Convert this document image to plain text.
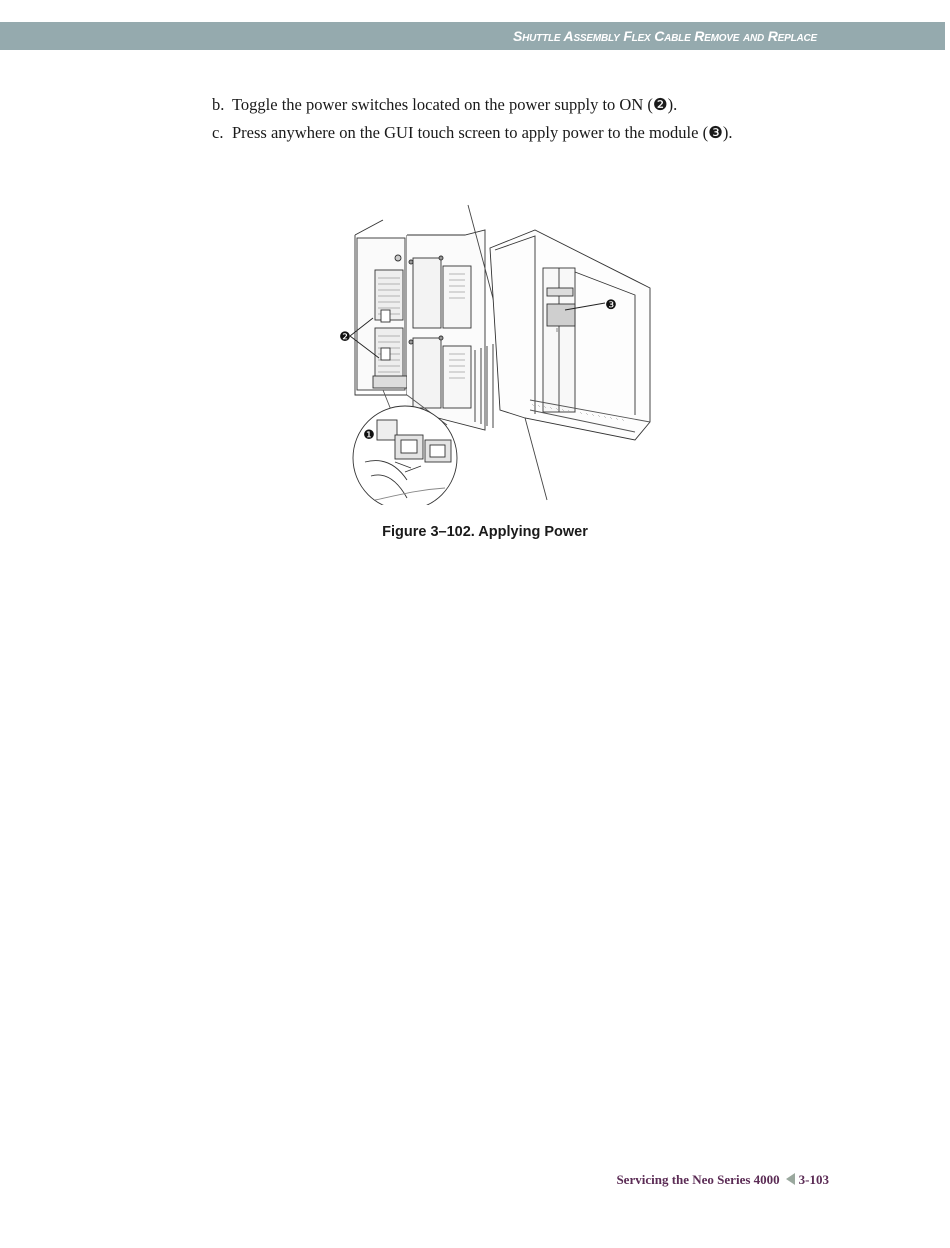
Shuttle Assembly Flex Cable Remove and Replace
b. Toggle the power switches located on the power supply to ON (❷).
c. Press anywhere on the GUI touch screen to apply power to the module (❸).
❶
❷
❸
Figure 3–102. Applying Power
Servicing the Neo Series 4000 3-103
